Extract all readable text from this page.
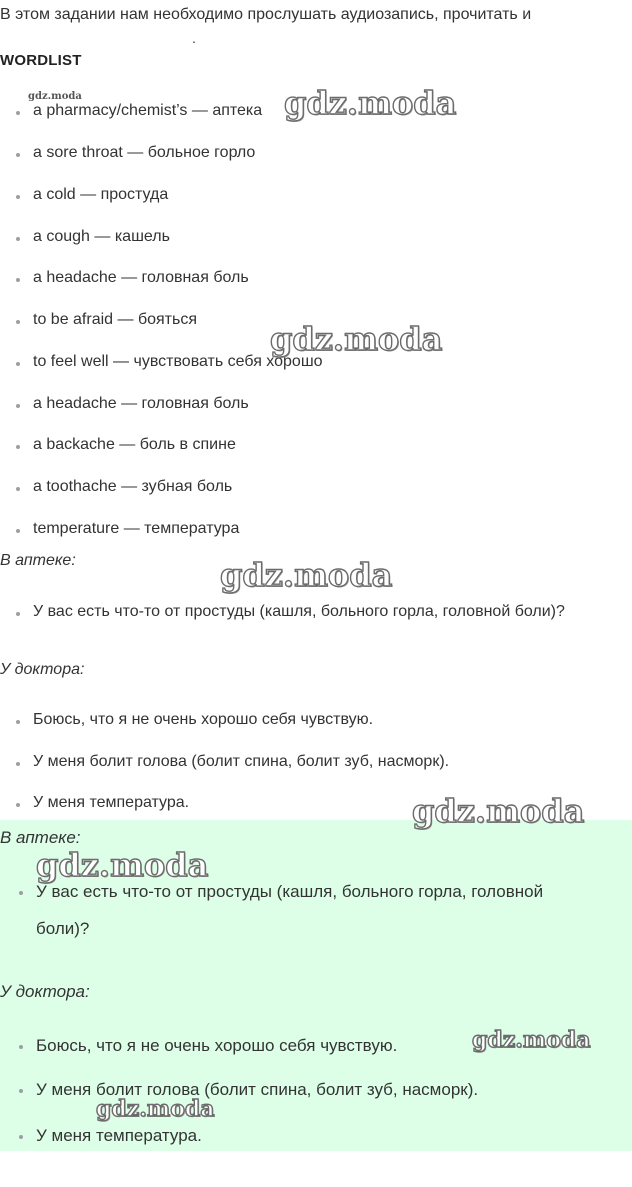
В этом задании нам необходимо прослушать аудиозапись, прочитать и
.
WORDLIST
a pharmacy/chemist’s — аптека
a sore throat — больное горло
a cold — простуда
a cough — кашель
a headache — головная боль
to be afraid — бояться
to feel well — чувствовать себя хорошо
a headache — головная боль
a backache — боль в спине
a toothache — зубная боль
temperature — температура
В аптеке:
У вас есть что-то от простуды (кашля, больного горла, головной боли)?
У доктора:
Боюсь, что я не очень хорошо себя чувствую.
У меня болит голова (болит спина, болит зуб, насморк).
У меня температура.
В аптеке:
У вас есть что-то от простуды (кашля, больного горла, головной
боли)?
У доктора:
Боюсь, что я не очень хорошо себя чувствую.
У меня болит голова (болит спина, болит зуб, насморк).
У меня температура.
gdz.moda	gdz.moda
gdz.moda
gdz.moda
gdz.moda
gdz.moda
gdz.moda
gdz.moda
